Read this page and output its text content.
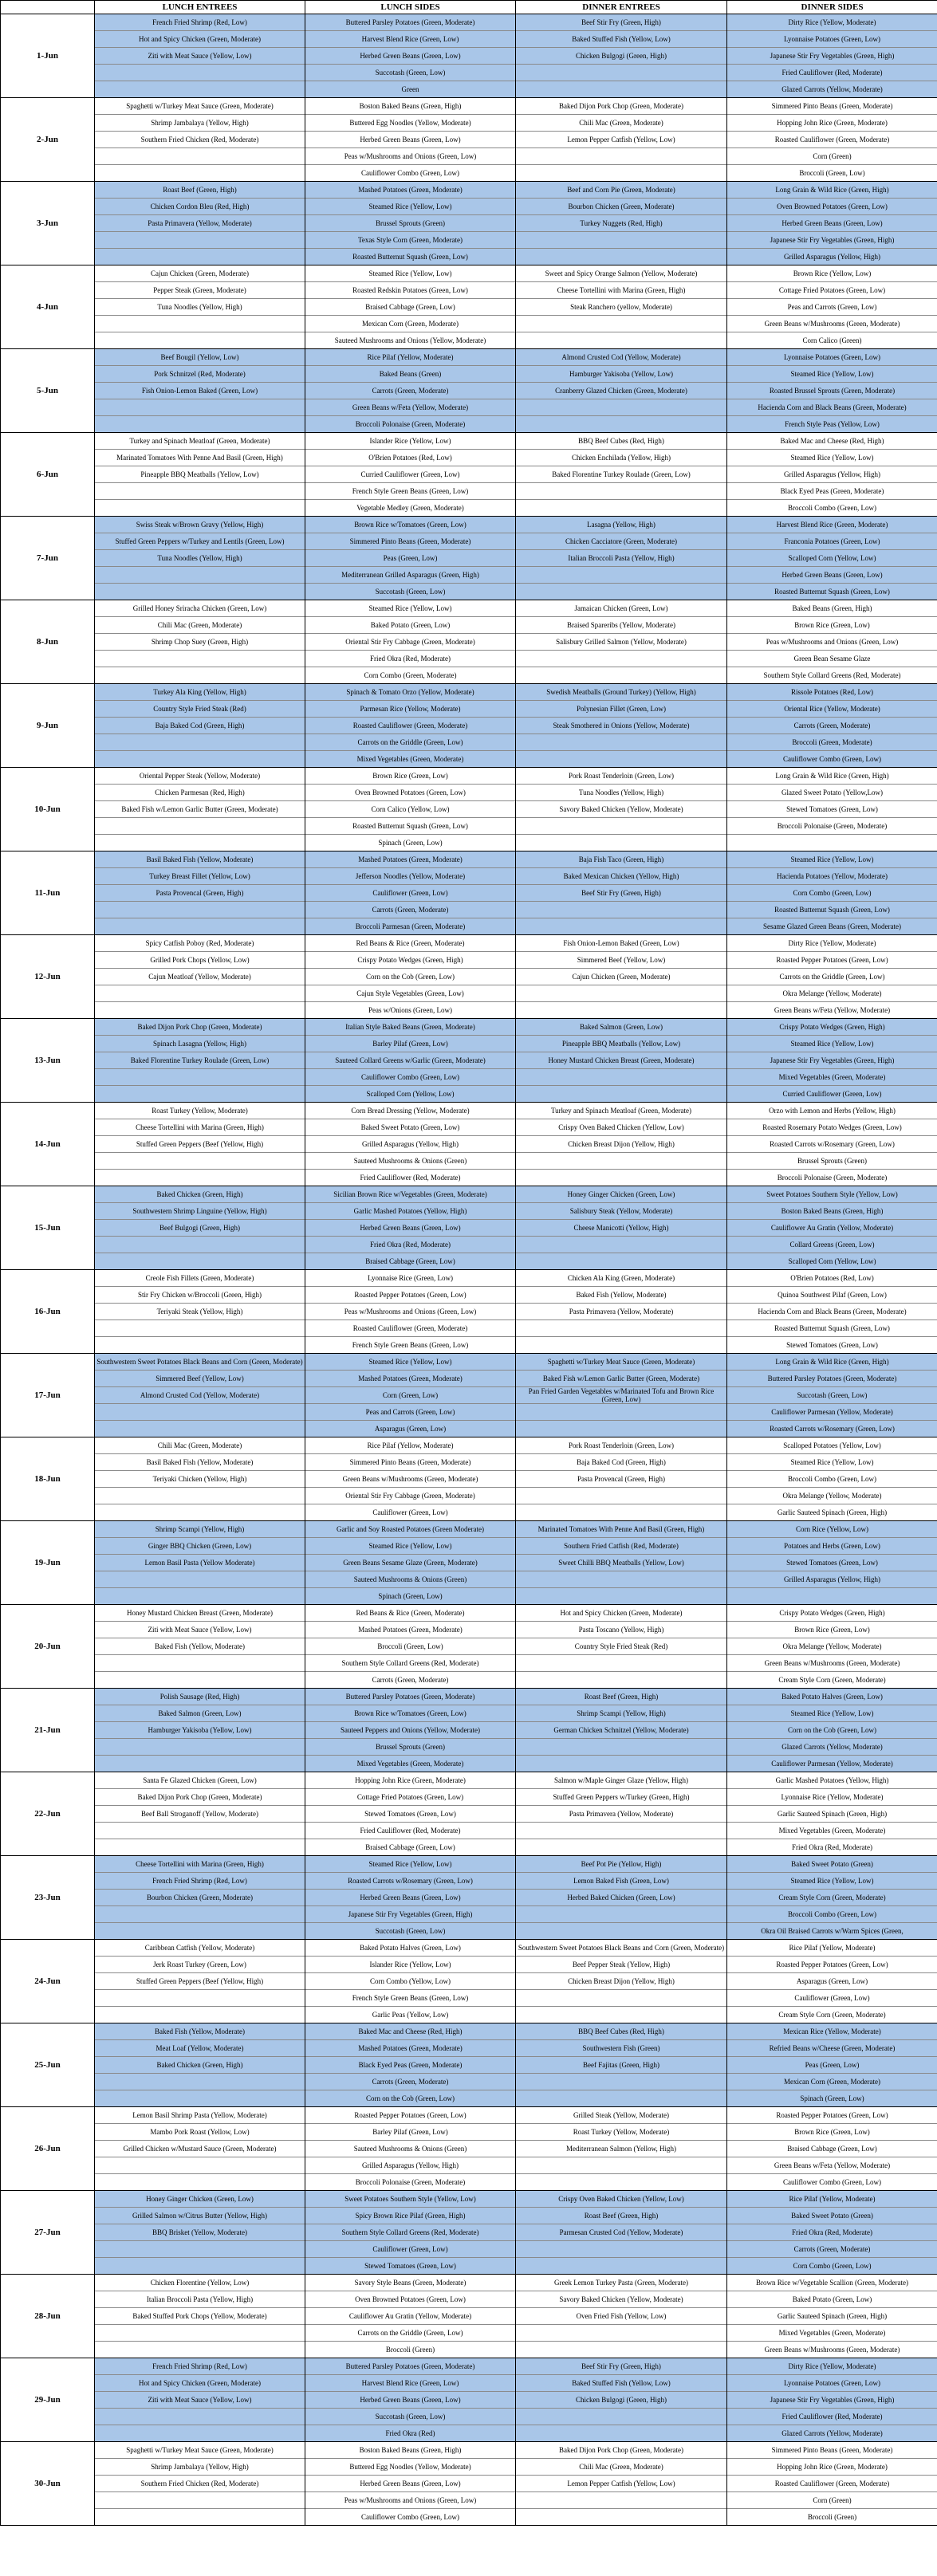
	LUNCH ENTREES	LUNCH SIDES	DINNER ENTREES	DINNER SIDES
1-Jun	French Fried Shrimp (Red, Low)	Buttered Parsley Potatoes (Green, Moderate)	Beef Stir Fry (Green, High)	Dirty Rice (Yellow, Moderate)
	Hot and Spicy Chicken (Green, Moderate)	Harvest Blend Rice (Green, Low)	Baked Stuffed Fish (Yellow, Low)	Lyonnaise Potatoes (Green, Low)
	Ziti with Meat Sauce (Yellow, Low)	Herbed Green Beans (Green, Low)	Chicken Bulgogi (Green, High)	Japanese Stir Fry Vegetables (Green, High)
		Succotash (Green, Low)		Fried Cauliflower (Red, Moderate)
		Green		Glazed Carrots (Yellow, Moderate)
2-Jun	Spaghetti w/Turkey Meat Sauce (Green, Moderate)	Boston Baked Beans (Green, High)	Baked Dijon Pork Chop (Green, Moderate)	Simmered Pinto Beans (Green, Moderate)
	Shrimp Jambalaya (Yellow, High)	Buttered Egg Noodles (Yellow, Moderate)	Chili Mac (Green, Moderate)	Hopping John Rice (Green, Moderate)
	Southern Fried Chicken (Red, Moderate)	Herbed Green Beans (Green, Low)	Lemon Pepper Catfish (Yellow, Low)	Roasted Cauliflower (Green, Moderate)
		Peas w/Mushrooms and Onions (Green, Low)		Corn (Green)
		Cauliflower Combo (Green, Low)		Broccoli (Green, Low)
3-Jun	Roast Beef (Green, High)	Mashed Potatoes (Green, Moderate)	Beef and Corn Pie (Green, Moderate)	Long Grain & Wild Rice (Green, High)
	Chicken Cordon Bleu (Red, High)	Steamed Rice (Yellow, Low)	Bourbon Chicken (Green, Moderate)	Oven Browned Potatoes (Green, Low)
	Pasta Primavera (Yellow, Moderate)	Brussel Sprouts (Green)	Turkey Nuggets (Red, High)	Herbed Green Beans (Green, Low)
		Texas Style Corn (Green, Moderate)		Japanese Stir Fry Vegetables (Green, High)
		Roasted Butternut Squash (Green, Low)		Grilled Asparagus (Yellow, High)
4-Jun	Cajun Chicken (Green, Moderate)	Steamed Rice (Yellow, Low)	Sweet and Spicy Orange Salmon (Yellow, Moderate)	Brown Rice (Yellow, Low)
	Pepper Steak (Green, Moderate)	Roasted Redskin Potatoes (Green, Low)	Cheese Tortellini with Marina (Green, High)	Cottage Fried Potatoes (Green, Low)
	Tuna Noodles (Yellow, High)	Braised Cabbage (Green, Low)	Steak Ranchero (yellow, Moderate)	Peas and Carrots (Green, Low)
		Mexican Corn (Green, Moderate)		Green Beans w/Mushrooms (Green, Moderate)
		Sauteed Mushrooms and Onions (Yellow, Moderate)		Corn Calico (Green)
5-Jun	Beef Bougil (Yellow, Low)	Rice Pilaf (Yellow, Moderate)	Almond Crusted Cod (Yellow, Moderate)	Lyonnaise Potatoes (Green, Low)
	Pork Schnitzel (Red, Moderate)	Baked Beans (Green)	Hamburger Yakisoba (Yellow, Low)	Steamed Rice (Yellow, Low)
	Fish Onion-Lemon Baked (Green, Low)	Carrots (Green, Moderate)	Cranberry Glazed Chicken (Green, Moderate)	Roasted Brussel Sprouts (Green, Moderate)
		Green Beans w/Feta (Yellow, Moderate)		Hacienda Corn and Black Beans (Green, Moderate)
		Broccoli Polonaise (Green, Moderate)		French Style Peas (Yellow, Low)
6-Jun	Turkey and Spinach Meatloaf (Green, Moderate)	Islander Rice (Yellow, Low)	BBQ Beef Cubes (Red, High)	Baked Mac and Cheese (Red, High)
	Marinated Tomatoes With Penne And Basil (Green, High)	O'Brien Potatoes (Red, Low)	Chicken Enchilada (Yellow, High)	Steamed Rice (Yellow, Low)
	Pineapple BBQ Meatballs (Yellow, Low)	Curried Cauliflower (Green, Low)	Baked Florentine Turkey Roulade (Green, Low)	Grilled Asparagus (Yellow, High)
		French Style Green Beans (Green, Low)		Black Eyed Peas (Green, Moderate)
		Vegetable Medley (Green, Moderate)		Broccoli Combo (Green, Low)
7-Jun	Swiss Steak w/Brown Gravy (Yellow, High)	Brown Rice w/Tomatoes (Green, Low)	Lasagna (Yellow, High)	Harvest Blend Rice (Green, Moderate)
	Stuffed Green Peppers w/Turkey and Lentils (Green, Low)	Simmered Pinto Beans (Green, Moderate)	Chicken Cacciatore (Green, Moderate)	Franconia Potatoes (Green, Low)
	Tuna Noodles (Yellow, High)	Peas (Green, Low)	Italian Broccoli Pasta (Yellow, High)	Scalloped Corn (Yellow, Low)
		Mediterranean Grilled Asparagus (Green, High)		Herbed Green Beans (Green, Low)
		Succotash (Green, Low)		Roasted Butternut Squash (Green, Low)
8-Jun	Grilled Honey Sriracha Chicken (Green, Low)	Steamed Rice (Yellow, Low)	Jamaican Chicken (Green, Low)	Baked Beans (Green, High)
	Chili Mac (Green, Moderate)	Baked Potato (Green, Low)	Braised Spareribs (Yellow, Moderate)	Brown Rice (Green, Low)
	Shrimp Chop Suey (Green, High)	Oriental Stir Fry Cabbage (Green, Moderate)	Salisbury Grilled Salmon (Yellow, Moderate)	Peas w/Mushrooms and Onions (Green, Low)
		Fried Okra (Red, Moderate)		Green Bean Sesame Glaze
		Corn Combo (Green, Moderate)		Southern Style Collard Greens (Red, Moderate)
9-Jun	Turkey Ala King (Yellow, High)	Spinach & Tomato Orzo (Yellow, Moderate)	Swedish Meatballs (Ground Turkey) (Yellow, High)	Rissole Potatoes (Red, Low)
	Country Style Fried Steak (Red)	Parmesan Rice (Yellow, Moderate)	Polynesian Fillet (Green, Low)	Oriental Rice (Yellow, Moderate)
	Baja Baked Cod (Green, High)	Roasted Cauliflower (Green, Moderate)	Steak Smothered in Onions (Yellow, Moderate)	Carrots (Green, Moderate)
		Carrots on the Griddle (Green, Low)		Broccoli (Green, Moderate)
		Mixed Vegetables (Green, Moderate)		Cauliflower Combo (Green, Low)
10-Jun	Oriental Pepper Steak (Yellow, Moderate)	Brown Rice (Green, Low)	Pork Roast Tenderloin (Green, Low)	Long Grain & Wild Rice (Green, High)
	Chicken Parmesan (Red, High)	Oven Browned Potatoes (Green, Low)	Tuna Noodles (Yellow, High)	Glazed Sweet Potato (Yellow,Low)
	Baked Fish w/Lemon Garlic Butter (Green, Moderate)	Corn Calico (Yellow, Low)	Savory Baked Chicken (Yellow, Moderate)	Stewed Tomatoes (Green, Low)
		Roasted Butternut Squash (Green, Low)		Broccoli Polonaise (Green, Moderate)
		Spinach (Green, Low)		
11-Jun	Basil Baked Fish (Yellow, Moderate)	Mashed Potatoes (Green, Moderate)	Baja Fish Taco (Green, High)	Steamed Rice (Yellow, Low)
	Turkey Breast Fillet (Yellow, Low)	Jefferson Noodles (Yellow, Moderate)	Baked Mexican Chicken (Yellow, High)	Hacienda Potatoes (Yellow, Moderate)
	Pasta Provencal (Green, High)	Cauliflower (Green, Low)	Beef Stir Fry (Green, High)	Corn Combo (Green, Low)
		Carrots (Green, Moderate)		Roasted Butternut Squash (Green, Low)
		Broccoli Parmesan (Green, Moderate)		Sesame Glazed Green Beans (Green, Moderate)
12-Jun	Spicy Catfish Poboy (Red, Moderate)	Red Beans & Rice (Green, Moderate)	Fish Onion-Lemon Baked (Green, Low)	Dirty Rice (Yellow, Moderate)
	Grilled Pork Chops (Yellow, Low)	Crispy Potato Wedges (Green, High)	Simmered Beef (Yellow, Low)	Roasted Pepper Potatoes (Green, Low)
	Cajun Meatloaf (Yellow, Moderate)	Corn on the Cob (Green, Low)	Cajun Chicken (Green, Moderate)	Carrots on the Griddle (Green, Low)
		Cajun Style Vegetables (Green, Low)		Okra Melange (Yellow, Moderate)
		Peas w/Onions (Green, Low)		Green Beans w/Feta (Yellow, Moderate)
13-Jun	Baked Dijon Pork Chop (Green, Moderate)	Italian Style Baked Beans (Green, Moderate)	Baked Salmon (Green, Low)	Crispy Potato Wedges (Green, High)
	Spinach Lasagna (Yellow, High)	Barley Pilaf (Green, Low)	Pineapple BBQ Meatballs (Yellow, Low)	Steamed Rice (Yellow, Low)
	Baked Florentine Turkey Roulade (Green, Low)	Sauteed Collard Greens w/Garlic (Green, Moderate)	Honey Mustard Chicken Breast (Green, Moderate)	Japanese Stir Fry Vegetables (Green, High)
		Cauliflower Combo (Green, Low)		Mixed Vegetables (Green, Moderate)
		Scalloped Corn (Yellow, Low)		Curried Cauliflower (Green, Low)
14-Jun	Roast Turkey (Yellow, Moderate)	Corn Bread Dressing (Yellow, Moderate)	Turkey and Spinach Meatloaf (Green, Moderate)	Orzo with Lemon and Herbs (Yellow, High)
	Cheese Tortellini with Marina (Green, High)	Baked Sweet Potato (Green, Low)	Crispy Oven Baked Chicken (Yellow, Low)	Roasted Rosemary Potato Wedges (Green, Low)
	Stuffed Green Peppers (Beef (Yellow, High)	Grilled Asparagus (Yellow, High)	Chicken Breast Dijon (Yellow, High)	Roasted Carrots w/Rosemary (Green, Low)
		Sauteed Mushrooms & Onions (Green)		Brussel Sprouts (Green)
		Fried Cauliflower (Red, Moderate)		Broccoli Polonaise (Green, Moderate)
15-Jun	Baked Chicken (Green, High)	Sicilian Brown Rice w/Vegetables (Green, Moderate)	Honey Ginger Chicken (Green, Low)	Sweet Potatoes Southern Style (Yellow, Low)
	Southwestern Shrimp Linguine (Yellow, High)	Garlic Mashed Potatoes (Yellow, High)	Salisbury Steak (Yellow, Moderate)	Boston Baked Beans (Green, High)
	Beef Bulgogi (Green, High)	Herbed Green Beans (Green, Low)	Cheese Manicotti (Yellow, High)	Cauliflower Au Gratin (Yellow, Moderate)
		Fried Okra (Red, Moderate)		Collard Greens (Green, Low)
		Braised Cabbage (Green, Low)		Scalloped Corn (Yellow, Low)
16-Jun	Creole Fish Fillets (Green, Moderate)	Lyonnaise Rice (Green, Low)	Chicken Ala King (Green, Moderate)	O'Brien Potatoes (Red, Low)
	Stir Fry Chicken w/Broccoli (Green, High)	Roasted Pepper Potatoes (Green, Low)	Baked Fish (Yellow, Moderate)	Quinoa Southwest Pilaf (Green, Low)
	Teriyaki Steak (Yellow, High)	Peas w/Mushrooms and Onions (Green, Low)	Pasta Primavera (Yellow, Moderate)	Hacienda Corn and Black Beans (Green, Moderate)
		Roasted Cauliflower (Green, Moderate)		Roasted Butternut Squash (Green, Low)
		French Style Green Beans (Green, Low)		Stewed Tomatoes (Green, Low)
17-Jun	Southwestern Sweet Potatoes Black Beans and Corn (Green, Moderate)	Steamed Rice (Yellow, Low)	Spaghetti w/Turkey Meat Sauce (Green, Moderate)	Long Grain & Wild Rice (Green, High)
	Simmered Beef (Yellow, Low)	Mashed Potatoes (Green, Moderate)	Baked Fish w/Lemon Garlic Butter (Green, Moderate)	Buttered Parsley Potatoes (Green, Moderate)
	Almond Crusted Cod (Yellow, Moderate)	Corn (Green, Low)	Pan Fried Garden Vegetables w/Marinated Tofu and Brown Rice (Green, Low)	Succotash (Green, Low)
		Peas and Carrots (Green, Low)		Cauliflower Parmesan (Yellow, Moderate)
		Asparagus (Green, Low)		Roasted Carrots w/Rosemary (Green, Low)
18-Jun	Chili Mac (Green, Moderate)	Rice Pilaf (Yellow, Moderate)	Pork Roast Tenderloin (Green, Low)	Scalloped Potatoes (Yellow, Low)
	Basil Baked Fish (Yellow, Moderate)	Simmered Pinto Beans (Green, Moderate)	Baja Baked Cod (Green, High)	Steamed Rice (Yellow, Low)
	Teriyaki Chicken (Yellow, High)	Green Beans w/Mushrooms (Green, Moderate)	Pasta Provencal (Green, High)	Broccoli Combo (Green, Low)
		Oriental Stir Fry Cabbage (Green, Moderate)		Okra Melange (Yellow, Moderate)
		Cauliflower (Green, Low)		Garlic Sauteed Spinach (Green, High)
19-Jun	Shrimp Scampi (Yellow, High)	Garlic and Soy Roasted Potatoes (Green Moderate)	Marinated Tomatoes With Penne And Basil (Green, High)	Corn Rice (Yellow, Low)
	Ginger BBQ Chicken (Green, Low)	Steamed Rice (Yellow, Low)	Southern Fried Catfish (Red, Moderate)	Potatoes and Herbs (Green, Low)
	Lemon Basil Pasta (Yellow Moderate)	Green Beans Sesame Glaze (Green, Moderate)	Sweet Chilli BBQ Meatballs (Yellow, Low)	Stewed Tomatoes (Green, Low)
		Sauteed Mushrooms & Onions (Green)		Grilled Asparagus (Yellow, High)
		Spinach (Green, Low)		
20-Jun	Honey Mustard Chicken Breast (Green, Moderate)	Red Beans & Rice (Green, Moderate)	Hot and Spicy Chicken (Green, Moderate)	Crispy Potato Wedges (Green, High)
	Ziti with Meat Sauce (Yellow, Low)	Mashed Potatoes (Green, Moderate)	Pasta Toscano (Yellow, High)	Brown Rice (Green, Low)
	Baked Fish (Yellow, Moderate)	Broccoli (Green, Low)	Country Style Fried Steak (Red)	Okra Melange (Yellow, Moderate)
		Southern Style Collard Greens (Red, Moderate)		Green Beans w/Mushrooms (Green, Moderate)
		Carrots (Green, Moderate)		Cream Style Corn (Green, Moderate)
21-Jun	Polish Sausage (Red, High)	Buttered Parsley Potatoes (Green, Moderate)	Roast Beef (Green, High)	Baked Potato Halves (Green, Low)
	Baked Salmon (Green, Low)	Brown Rice w/Tomatoes (Green, Low)	Shrimp Scampi (Yellow, High)	Steamed Rice (Yellow, Low)
	Hamburger Yakisoba (Yellow, Low)	Sauteed Peppers and Onions (Yellow, Moderate)	German Chicken Schnitzel (Yellow, Moderate)	Corn on the Cob (Green, Low)
		Brussel Sprouts (Green)		Glazed Carrots (Yellow, Moderate)
		Mixed Vegetables (Green, Moderate)		Cauliflower Parmesan (Yellow, Moderate)
22-Jun	Santa Fe Glazed Chicken (Green, Low)	Hopping John Rice (Green, Moderate)	Salmon w/Maple Ginger Glaze (Yellow, High)	Garlic Mashed Potatoes (Yellow, High)
	Baked Dijon Pork Chop (Green, Moderate)	Cottage Fried Potatoes (Green, Low)	Stuffed Green Peppers w/Turkey (Green, High)	Lyonnaise Rice (Yellow, Moderate)
	Beef Ball Stroganoff (Yellow, Moderate)	Stewed Tomatoes (Green, Low)	Pasta Primavera (Yellow, Moderate)	Garlic Sauteed Spinach (Green, High)
		Fried Cauliflower (Red, Moderate)		Mixed Vegetables (Green, Moderate)
		Braised Cabbage (Green, Low)		Fried Okra (Red, Moderate)
23-Jun	Cheese Tortellini with Marina (Green, High)	Steamed Rice (Yellow, Low)	Beef Pot Pie (Yellow, High)	Baked Sweet Potato (Green)
	French Fried Shrimp (Red, Low)	Roasted Carrots w/Rosemary (Green, Low)	Lemon Baked Fish (Green, Low)	Steamed Rice (Yellow, Low)
	Bourbon Chicken (Green, Moderate)	Herbed Green Beans (Green, Low)	Herbed Baked Chicken (Green, Low)	Cream Style Corn (Green, Moderate)
		Japanese Stir Fry Vegetables (Green, High)		Broccoli Combo (Green, Low)
		Succotash (Green, Low)		Okra Oil Braised Carrots w/Warm Spices (Green,
24-Jun	Caribbean Catfish (Yellow, Moderate)	Baked Potato Halves (Green, Low)	Southwestern Sweet Potatoes Black Beans and Corn (Green, Moderate)	Rice Pilaf (Yellow, Moderate)
	Jerk Roast Turkey (Green, Low)	Islander Rice (Yellow, Low)	Beef Pepper Steak (Yellow, High)	Roasted Pepper Potatoes (Green, Low)
	Stuffed Green Peppers (Beef (Yellow, High)	Corn Combo (Yellow, Low)	Chicken Breast Dijon (Yellow, High)	Asparagus (Green, Low)
		French Style Green Beans (Green, Low)		Cauliflower (Green, Low)
		Garlic Peas (Yellow, Low)		Cream Style Corn (Green, Moderate)
25-Jun	Baked Fish (Yellow, Moderate)	Baked Mac and Cheese (Red, High)	BBQ Beef Cubes (Red, High)	Mexican Rice (Yellow, Moderate)
	Meat Loaf (Yellow, Moderate)	Mashed Potatoes (Green, Moderate)	Southwestern Fish (Green)	Refried Beans w/Cheese (Green, Moderate)
	Baked Chicken (Green, High)	Black Eyed Peas (Green, Moderate)	Beef Fajitas (Green, High)	Peas (Green, Low)
		Carrots (Green, Moderate)		Mexican Corn (Green, Moderate)
		Corn on the Cob (Green, Low)		Spinach (Green, Low)
26-Jun	Lemon Basil Shrimp Pasta (Yellow, Moderate)	Roasted Pepper Potatoes (Green, Low)	Grilled Steak (Yellow, Moderate)	Roasted Pepper Potatoes (Green, Low)
	Mambo Pork Roast (Yellow, Low)	Barley Pilaf (Green, Low)	Roast Turkey (Yellow, Moderate)	Brown Rice (Green, Low)
	Grilled Chicken w/Mustard Sauce (Green, Moderate)	Sauteed Mushrooms & Onions (Green)	Mediterranean Salmon (Yellow, High)	Braised Cabbage (Green, Low)
		Grilled Asparagus (Yellow, High)		Green Beans w/Feta (Yellow, Moderate)
		Broccoli Polonaise (Green, Moderate)		Cauliflower Combo (Green, Low)
27-Jun	Honey Ginger Chicken (Green, Low)	Sweet Potatoes Southern Style (Yellow, Low)	Crispy Oven Baked Chicken (Yellow, Low)	Rice Pilaf (Yellow, Moderate)
	Grilled Salmon w/Citrus Butter (Yellow, High)	Spicy Brown Rice Pilaf (Green, High)	Roast Beef (Green, High)	Baked Sweet Potato (Green)
	BBQ Brisket (Yellow, Moderate)	Southern Style Collard Greens (Red, Moderate)	Parmesan Crusted Cod (Yellow, Moderate)	Fried Okra (Red, Moderate)
		Cauliflower (Green, Low)		Carrots (Green, Moderate)
		Stewed Tomatoes (Green, Low)		Corn Combo (Green, Low)
28-Jun	Chicken Florentine (Yellow, Low)	Savory Style Beans (Green, Moderate)	Greek Lemon Turkey Pasta (Green, Moderate)	Brown Rice w/Vegetable Scallion (Green, Moderate)
	Italian Broccoli Pasta (Yellow, High)	Oven Browned Potatoes (Green, Low)	Savory Baked Chicken (Yellow, Moderate)	Baked Potato (Green, Low)
	Baked Stuffed Pork Chops (Yellow, Moderate)	Cauliflower Au Gratin (Yellow, Moderate)	Oven Fried Fish (Yellow, Low)	Garlic Sauteed Spinach (Green, High)
		Carrots on the Griddle (Green, Low)		Mixed Vegetables (Green, Moderate)
		Broccoli (Green)		Green Beans w/Mushrooms (Green, Moderate)
29-Jun	French Fried Shrimp (Red, Low)	Buttered Parsley Potatoes (Green, Moderate)	Beef Stir Fry (Green, High)	Dirty Rice (Yellow, Moderate)
	Hot and Spicy Chicken (Green, Moderate)	Harvest Blend Rice (Green, Low)	Baked Stuffed Fish (Yellow, Low)	Lyonnaise Potatoes (Green, Low)
	Ziti with Meat Sauce (Yellow, Low)	Herbed Green Beans (Green, Low)	Chicken Bulgogi (Green, High)	Japanese Stir Fry Vegetables (Green, High)
		Succotash (Green, Low)		Fried Cauliflower (Red, Moderate)
		Fried Okra (Red)		Glazed Carrots (Yellow, Moderate)
30-Jun	Spaghetti w/Turkey Meat Sauce (Green, Moderate)	Boston Baked Beans (Green, High)	Baked Dijon Pork Chop (Green, Moderate)	Simmered Pinto Beans (Green, Moderate)
	Shrimp Jambalaya (Yellow, High)	Buttered Egg Noodles (Yellow, Moderate)	Chili Mac (Green, Moderate)	Hopping John Rice (Green, Moderate)
	Southern Fried Chicken (Red, Moderate)	Herbed Green Beans (Green, Low)	Lemon Pepper Catfish (Yellow, Low)	Roasted Cauliflower (Green, Moderate)
		Peas w/Mushrooms and Onions (Green, Low)		Corn (Green)
		Cauliflower Combo (Green, Low)		Broccoli (Green)
